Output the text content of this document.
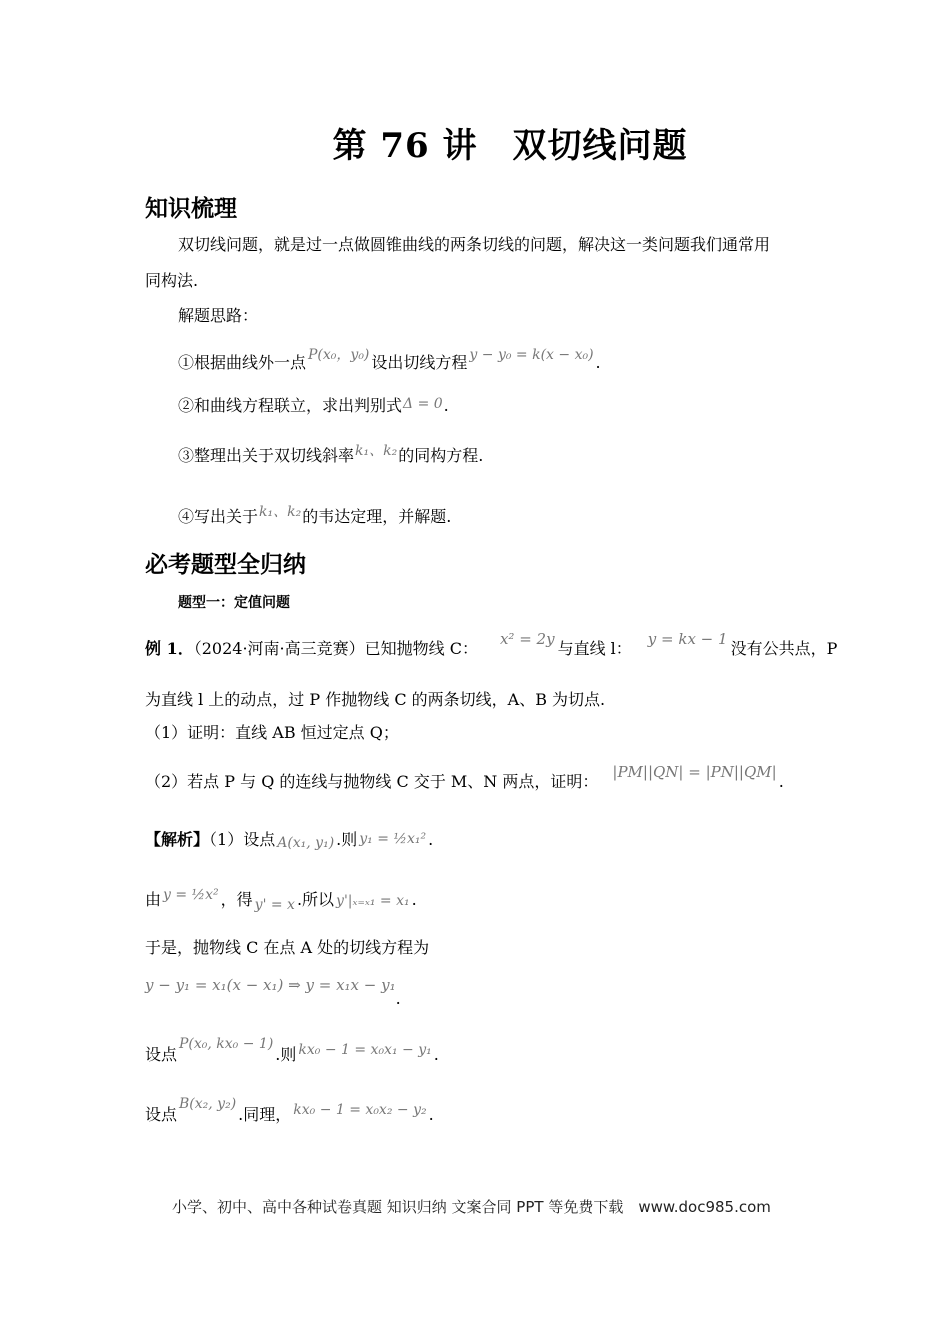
第 76 讲　双切线问题
知识梳理
双切线问题，就是过一点做圆锥曲线的两条切线的问题，解决这一类问题我们通常用
同构法.
解题思路：
①根据曲线外一点 P(x₀，y₀) 设出切线方程 y − y₀ = k(x − x₀) .
②和曲线方程联立，求出判别式Δ = 0.
③整理出关于双切线斜率k₁、k₂的同构方程.
④写出关于k₁、k₂的韦达定理，并解题.
必考题型全归纳
题型一：定值问题
例 1．（2024·河南·高三竞赛）已知抛物线 C： x² = 2y 与直线 l： y = kx − 1 没有公共点，P
为直线 l 上的动点，过 P 作抛物线 C 的两条切线，A、B 为切点.
（1）证明：直线 AB 恒过定点 Q；
（2）若点 P 与 Q 的连线与抛物线 C 交于 M、N 两点，证明： |PM||QN| = |PN||QM| .
【解析】（1）设点 A(x₁, y₁) .则 y₁ = ½x₁² .
由 y = ½x² ，得 y' = x .所以 y'|ₓ₌ₓ₁ = x₁ .
于是，抛物线 C 在点 A 处的切线方程为
y − y₁ = x₁(x − x₁) ⇒ y = x₁x − y₁.
设点P(x₀, kx₀ − 1).则 kx₀ − 1 = x₀x₁ − y₁ .
设点B(x₂, y₂).同理， kx₀ − 1 = x₀x₂ − y₂ .
小学、初中、高中各种试卷真题 知识归纳 文案合同 PPT 等免费下载　www.doc985.com
